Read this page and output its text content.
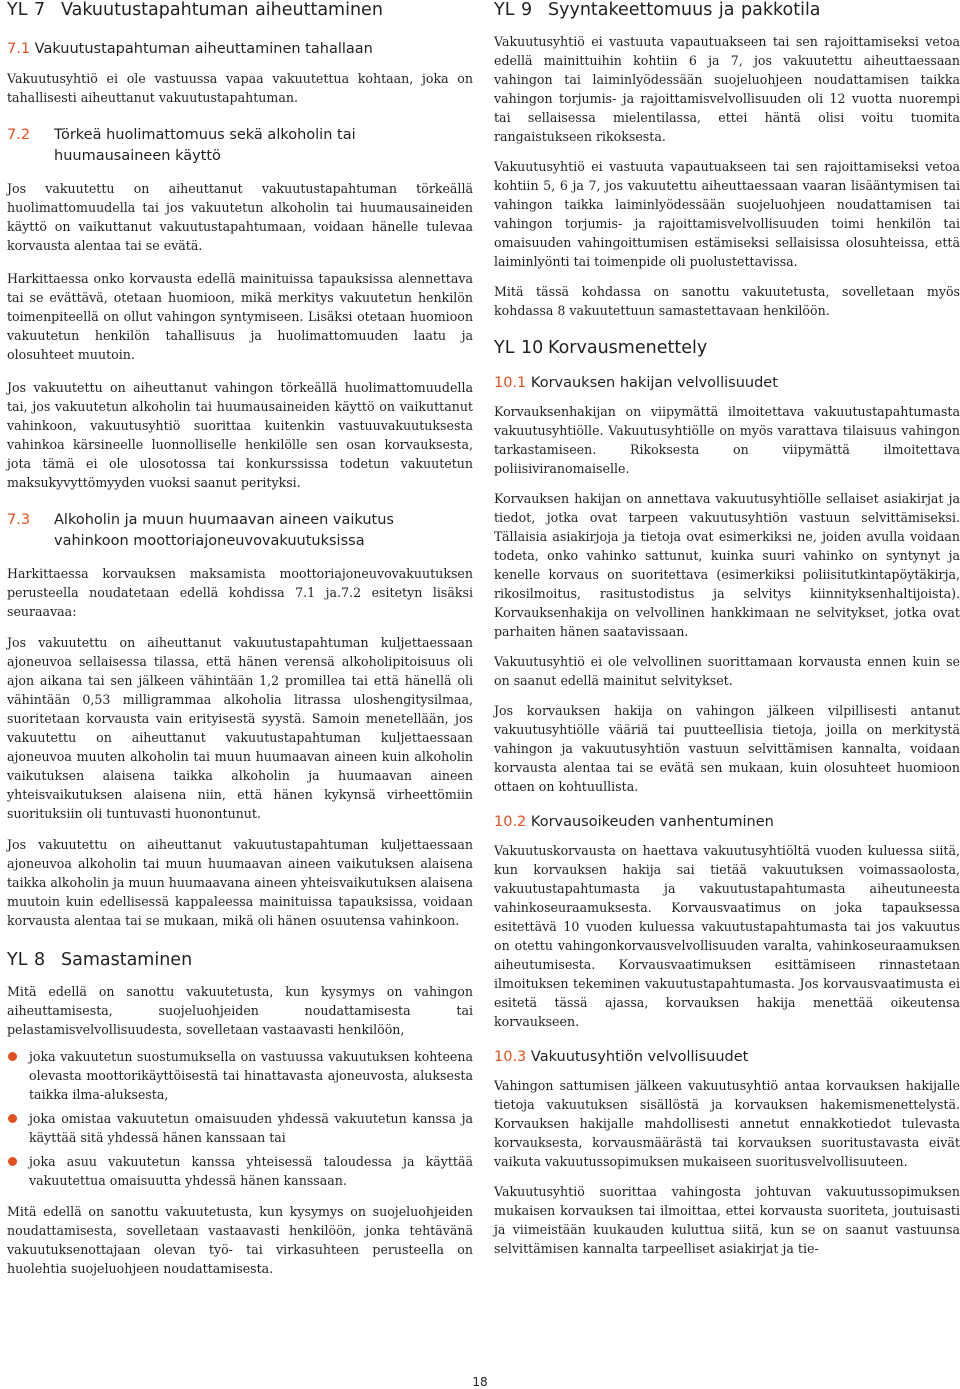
YL 7 Vakuutustapahtuman aiheuttaminen
7.1 Vakuutustapahtuman aiheuttaminen tahallaan

Vakuutusyhtiö ei ole vastuussa vapaa vakuutettua kohtaan, joka on tahallisesti aiheuttanut vakuutustapahtuman.

7.2 Törkeä huolimattomuus sekä alkoholin tai huumausaineen käyttö

Jos vakuutettu on aiheuttanut vakuutustapahtuman törkeällä huolimattomuudella tai jos vakuutetun alkoholin tai huumausaineiden käyttö on vaikuttanut vakuutustapahtumaan, voidaan hänelle tulevaa korvausta alentaa tai se evätä.

Harkittaessa onko korvausta edellä mainituissa tapauksissa alennettava tai se evättävä, otetaan huomioon, mikä merkitys vakuutetun henkilön toimenpiteellä on ollut vahingon syntymiseen. Lisäksi otetaan huomioon vakuutetun henkilön tahallisuus ja huolimattomuuden laatu ja olosuhteet muutoin.

Jos vakuutettu on aiheuttanut vahingon törkeällä huolimattomuudella tai, jos vakuutetun alkoholin tai huumausaineiden käyttö on vaikuttanut vahinkoon, vakuutusyhtiö suorittaa kuitenkin vastuuvakuutuksesta vahinkoa kärsineelle luonnolliselle henkilölle sen osan korvauksesta, jota tämä ei ole ulosotossa tai konkurssissa todetun vakuutetun maksukyvyttömyyden vuoksi saanut perityksi.

7.3 Alkoholin ja muun huumaavan aineen vaikutus vahinkoon moottoriajoneuvovakuutuksissa

Harkittaessa korvauksen maksamista moottoriajoneuvovakuutuksen perusteella noudatetaan edellä kohdissa 7.1 ja.7.2 esitetyn lisäksi seuraavaa:

Jos vakuutettu on aiheuttanut vakuutustapahtuman kuljettaessaan ajoneuvoa sellaisessa tilassa, että hänen verensä alkoholipitoisuus oli ajon aikana tai sen jälkeen vähintään 1,2 promillea tai että hänellä oli vähintään 0,53 milligrammaa alkoholia litrassa uloshengitysilmaa, suoritetaan korvausta vain erityisestä syystä. Samoin menetellään, jos vakuutettu on aiheuttanut vakuutustapahtuman kuljettaessaan ajoneuvoa muuten alkoholin tai muun huumaavan aineen kuin alkoholin vaikutuksen alaisena taikka alkoholin ja huumaavan aineen yhteisvaikutuksen alaisena niin, että hänen kykynsä virheettömiin suorituksiin oli tuntuvasti huonontunut.

Jos vakuutettu on aiheuttanut vakuutustapahtuman kuljettaessaan ajoneuvoa alkoholin tai muun huumaavan aineen vaikutuksen alaisena taikka alkoholin ja muun huumaavana aineen yhteisvaikutuksen alaisena muutoin kuin edellisessä kappaleessa mainituissa tapauksissa, voidaan korvausta alentaa tai se mukaan, mikä oli hänen osuutensa vahinkoon.

YL 8 Samastaminen

Mitä edellä on sanottu vakuutetusta, kun kysymys on vahingon aiheuttamisesta, suojeluohjeiden noudattamisesta tai pelastamisvelvollisuudesta, sovelletaan vastaavasti henkilöön,

joka vakuutetun suostumuksella on vastuussa vakuutuksen kohteena olevasta moottorikäyttöisestä tai hinattavasta ajoneuvosta, aluksesta taikka ilma-aluksesta,
joka omistaa vakuutetun omaisuuden yhdessä vakuutetun kanssa ja käyttää sitä yhdessä hänen kanssaan tai
joka asuu vakuutetun kanssa yhteisessä taloudessa ja käyttää vakuutettua omaisuutta yhdessä hänen kanssaan.

Mitä edellä on sanottu vakuutetusta, kun kysymys on suojeluohjeiden noudattamisesta, sovelletaan vastaavasti henkilöön, jonka tehtävänä vakuutuksenottajaan olevan työ- tai virkasuhteen perusteella on huolehtia suojeluohjeen noudattamisesta.

YL 9 Syyntakeettomuus ja pakkotila

Vakuutusyhtiö ei vastuuta vapautuakseen tai sen rajoittamiseksi vetoa edellä mainittuihin kohtiin 6 ja 7, jos vakuutettu aiheuttaessaan vahingon tai laiminlyödessään suojeluohjeen noudattamisen taikka vahingon torjumis- ja rajoittamisvelvollisuuden oli 12 vuotta nuorempi tai sellaisessa mielentilassa, ettei häntä olisi voitu tuomita rangaistukseen rikoksesta.

Vakuutusyhtiö ei vastuuta vapautuakseen tai sen rajoittamiseksi vetoa kohtiin 5, 6 ja 7, jos vakuutettu aiheuttaessaan vaaran lisääntymisen tai vahingon taikka laiminlyödessään suojeluohjeen noudattamisen tai vahingon torjumis- ja rajoittamisvelvollisuuden toimi henkilön tai omaisuuden vahingoittumisen estämiseksi sellaisissa olosuhteissa, että laiminlyönti tai toimenpide oli puolustettavissa.

Mitä tässä kohdassa on sanottu vakuutetusta, sovelletaan myös kohdassa 8 vakuutettuun samastettavaan henkilöön.

YL 10 Korvausmenettely
10.1 Korvauksen hakijan velvollisuudet

Korvauksenhakijan on viipymättä ilmoitettava vakuutustapahtumasta vakuutusyhtiölle. Vakuutusyhtiölle on myös varattava tilaisuus vahingon tarkastamiseen. Rikoksesta on viipymättä ilmoitettava poliisiviranomaiselle.

Korvauksen hakijan on annettava vakuutusyhtiölle sellaiset asiakirjat ja tiedot, jotka ovat tarpeen vakuutusyhtiön vastuun selvittämiseksi. Tällaisia asiakirjoja ja tietoja ovat esimerkiksi ne, joiden avulla voidaan todeta, onko vahinko sattunut, kuinka suuri vahinko on syntynyt ja kenelle korvaus on suoritettava (esimerkiksi poliisitutkintapöytäkirja, rikosilmoitus, rasitustodistus ja selvitys kiinnityksenhaltijoista). Korvauksenhakija on velvollinen hankkimaan ne selvitykset, jotka ovat parhaiten hänen saatavissaan.

Vakuutusyhtiö ei ole velvollinen suorittamaan korvausta ennen kuin se on saanut edellä mainitut selvitykset.

Jos korvauksen hakija on vahingon jälkeen vilpillisesti antanut vakuutusyhtiölle vääriä tai puutteellisia tietoja, joilla on merkitystä vahingon ja vakuutusyhtiön vastuun selvittämisen kannalta, voidaan korvausta alentaa tai se evätä sen mukaan, kuin olosuhteet huomioon ottaen on kohtuullista.

10.2 Korvausoikeuden vanhentuminen

Vakuutuskorvausta on haettava vakuutusyhtiöltä vuoden kuluessa siitä, kun korvauksen hakija sai tietää vakuutuksen voimassaolosta, vakuutustapahtumasta ja vakuutustapahtumasta aiheutuneesta vahinkoseuraamuksesta. Korvausvaatimus on joka tapauksessa esitettävä 10 vuoden kuluessa vakuutustapahtumasta tai jos vakuutus on otettu vahingonkorvausvelvollisuuden varalta, vahinkoseuraamuksen aiheutumisesta. Korvausvaatimuksen esittämiseen rinnastetaan ilmoituksen tekeminen vakuutustapahtumasta. Jos korvausvaatimusta ei esitetä tässä ajassa, korvauksen hakija menettää oikeutensa korvaukseen.

10.3 Vakuutusyhtiön velvollisuudet

Vahingon sattumisen jälkeen vakuutusyhtiö antaa korvauksen hakijalle tietoja vakuutuksen sisällöstä ja korvauksen hakemismenettelystä. Korvauksen hakijalle mahdollisesti annetut ennakkotiedot tulevasta korvauksesta, korvausmäärästä tai korvauksen suoritustavasta eivät vaikuta vakuutussopimuksen mukaiseen suoritusvelvollisuuteen.

Vakuutusyhtiö suorittaa vahingosta johtuvan vakuutussopimuksen mukaisen korvauksen tai ilmoittaa, ettei korvausta suoriteta, joutuisasti ja viimeistään kuukauden kuluttua siitä, kun se on saanut vastuunsa selvittämisen kannalta tarpeelliset asiakirjat ja tie-

18
